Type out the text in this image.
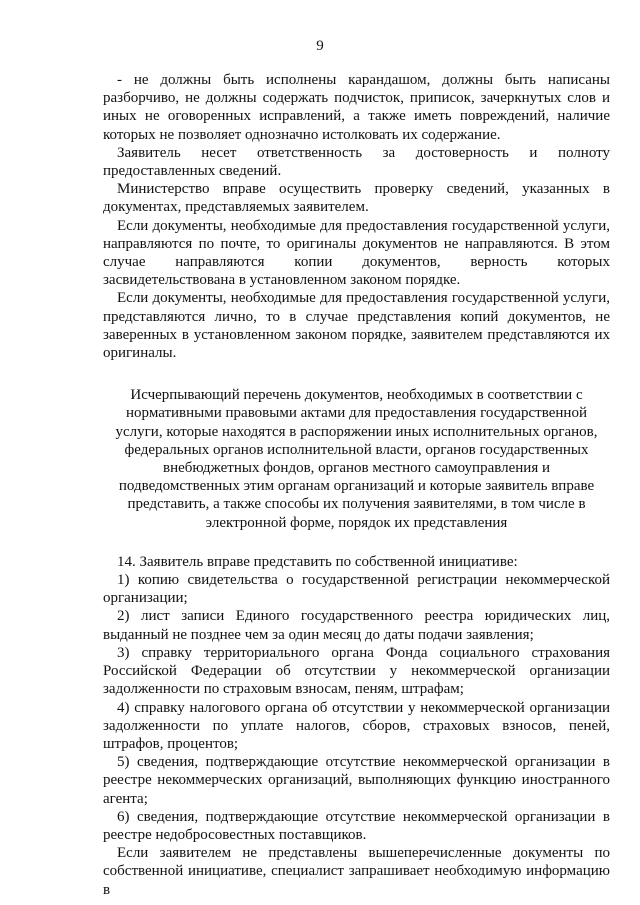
9

- не должны быть исполнены карандашом, должны быть написаны разборчиво, не должны содержать подчисток, приписок, зачеркнутых слов и иных не оговоренных исправлений, а также иметь повреждений, наличие которых не позволяет однозначно истолковать их содержание.

Заявитель несет ответственность за достоверность и полноту предоставленных сведений.

Министерство вправе осуществить проверку сведений, указанных в документах, представляемых заявителем.

Если документы, необходимые для предоставления государственной услуги, направляются по почте, то оригиналы документов не направляются. В этом случае направляются копии документов, верность которых засвидетельствована в установленном законом порядке.

Если документы, необходимые для предоставления государственной услуги, представляются лично, то в случае представления копий документов, не заверенных в установленном законом порядке, заявителем представляются их оригиналы.

Исчерпывающий перечень документов, необходимых в соответствии с нормативными правовыми актами для предоставления государственной услуги, которые находятся в распоряжении иных исполнительных органов, федеральных органов исполнительной власти, органов государственных внебюджетных фондов, органов местного самоуправления и подведомственных этим органам организаций и которые заявитель вправе представить, а также способы их получения заявителями, в том числе в электронной форме, порядок их представления

14. Заявитель вправе представить по собственной инициативе:

1) копию свидетельства о государственной регистрации некоммерческой организации;

2) лист записи Единого государственного реестра юридических лиц, выданный не позднее чем за один месяц до даты подачи заявления;

3) справку территориального органа Фонда социального страхования Российской Федерации об отсутствии у некоммерческой организации задолженности по страховым взносам, пеням, штрафам;

4) справку налогового органа об отсутствии у некоммерческой организации задолженности по уплате налогов, сборов, страховых взносов, пеней, штрафов, процентов;

5) сведения, подтверждающие отсутствие некоммерческой организации в реестре некоммерческих организаций, выполняющих функцию иностранного агента;

6) сведения, подтверждающие отсутствие некоммерческой организации в реестре недобросовестных поставщиков.

Если заявителем не представлены вышеперечисленные документы по собственной инициативе, специалист запрашивает необходимую информацию в
